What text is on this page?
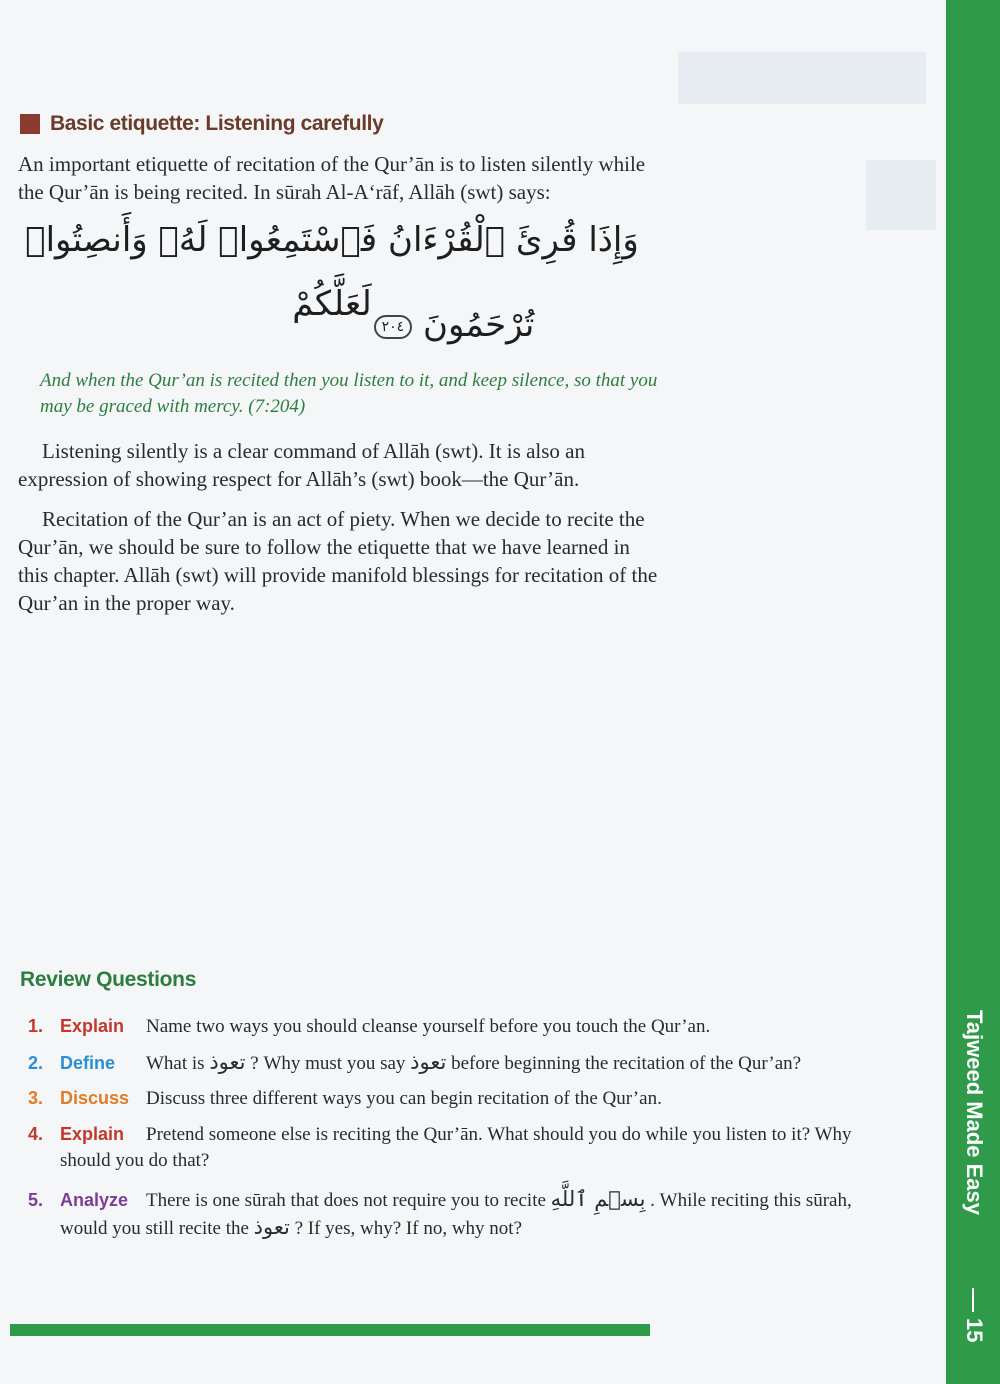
Tajweed Made Easy
15
Basic etiquette: Listening carefully
An important etiquette of recitation of the Qur’ān is to listen silently while the Qur’ān is being recited. In sūrah Al-A‘rāf, Allāh (swt) says:
وَإِذَا قُرِئَ ٱلْقُرْءَانُ فَٱسْتَمِعُوا۟ لَهُۥ وَأَنصِتُوا۟ لَعَلَّكُمْ
تُرْحَمُونَ ٢٠٤
And when the Qur’an is recited then you listen to it, and keep silence, so that you may be graced with mercy. (7:204)
Listening silently is a clear command of Allāh (swt). It is also an expression of showing respect for Allāh’s (swt) book—the Qur’ān.
Recitation of the Qur’an is an act of piety. When we decide to recite the Qur’ān, we should be sure to follow the etiquette that we have learned in this chapter. Allāh (swt) will provide manifold blessings for recitation of the Qur’an in the proper way.
Review Questions
1. Explain Name two ways you should cleanse yourself before you touch the Qur’an.
2. Define What is تعوذ ? Why must you say تعوذ before beginning the recitation of the Qur’an?
3. Discuss Discuss three different ways you can begin recitation of the Qur’an.
4. Explain Pretend someone else is reciting the Qur’ān. What should you do while you listen to it? Why
should you do that?
5. Analyze There is one sūrah that does not require you to recite بِسۡمِ ٱللَّهِ . While reciting this sūrah,
would you still recite the تعوذ ? If yes, why? If no, why not?
